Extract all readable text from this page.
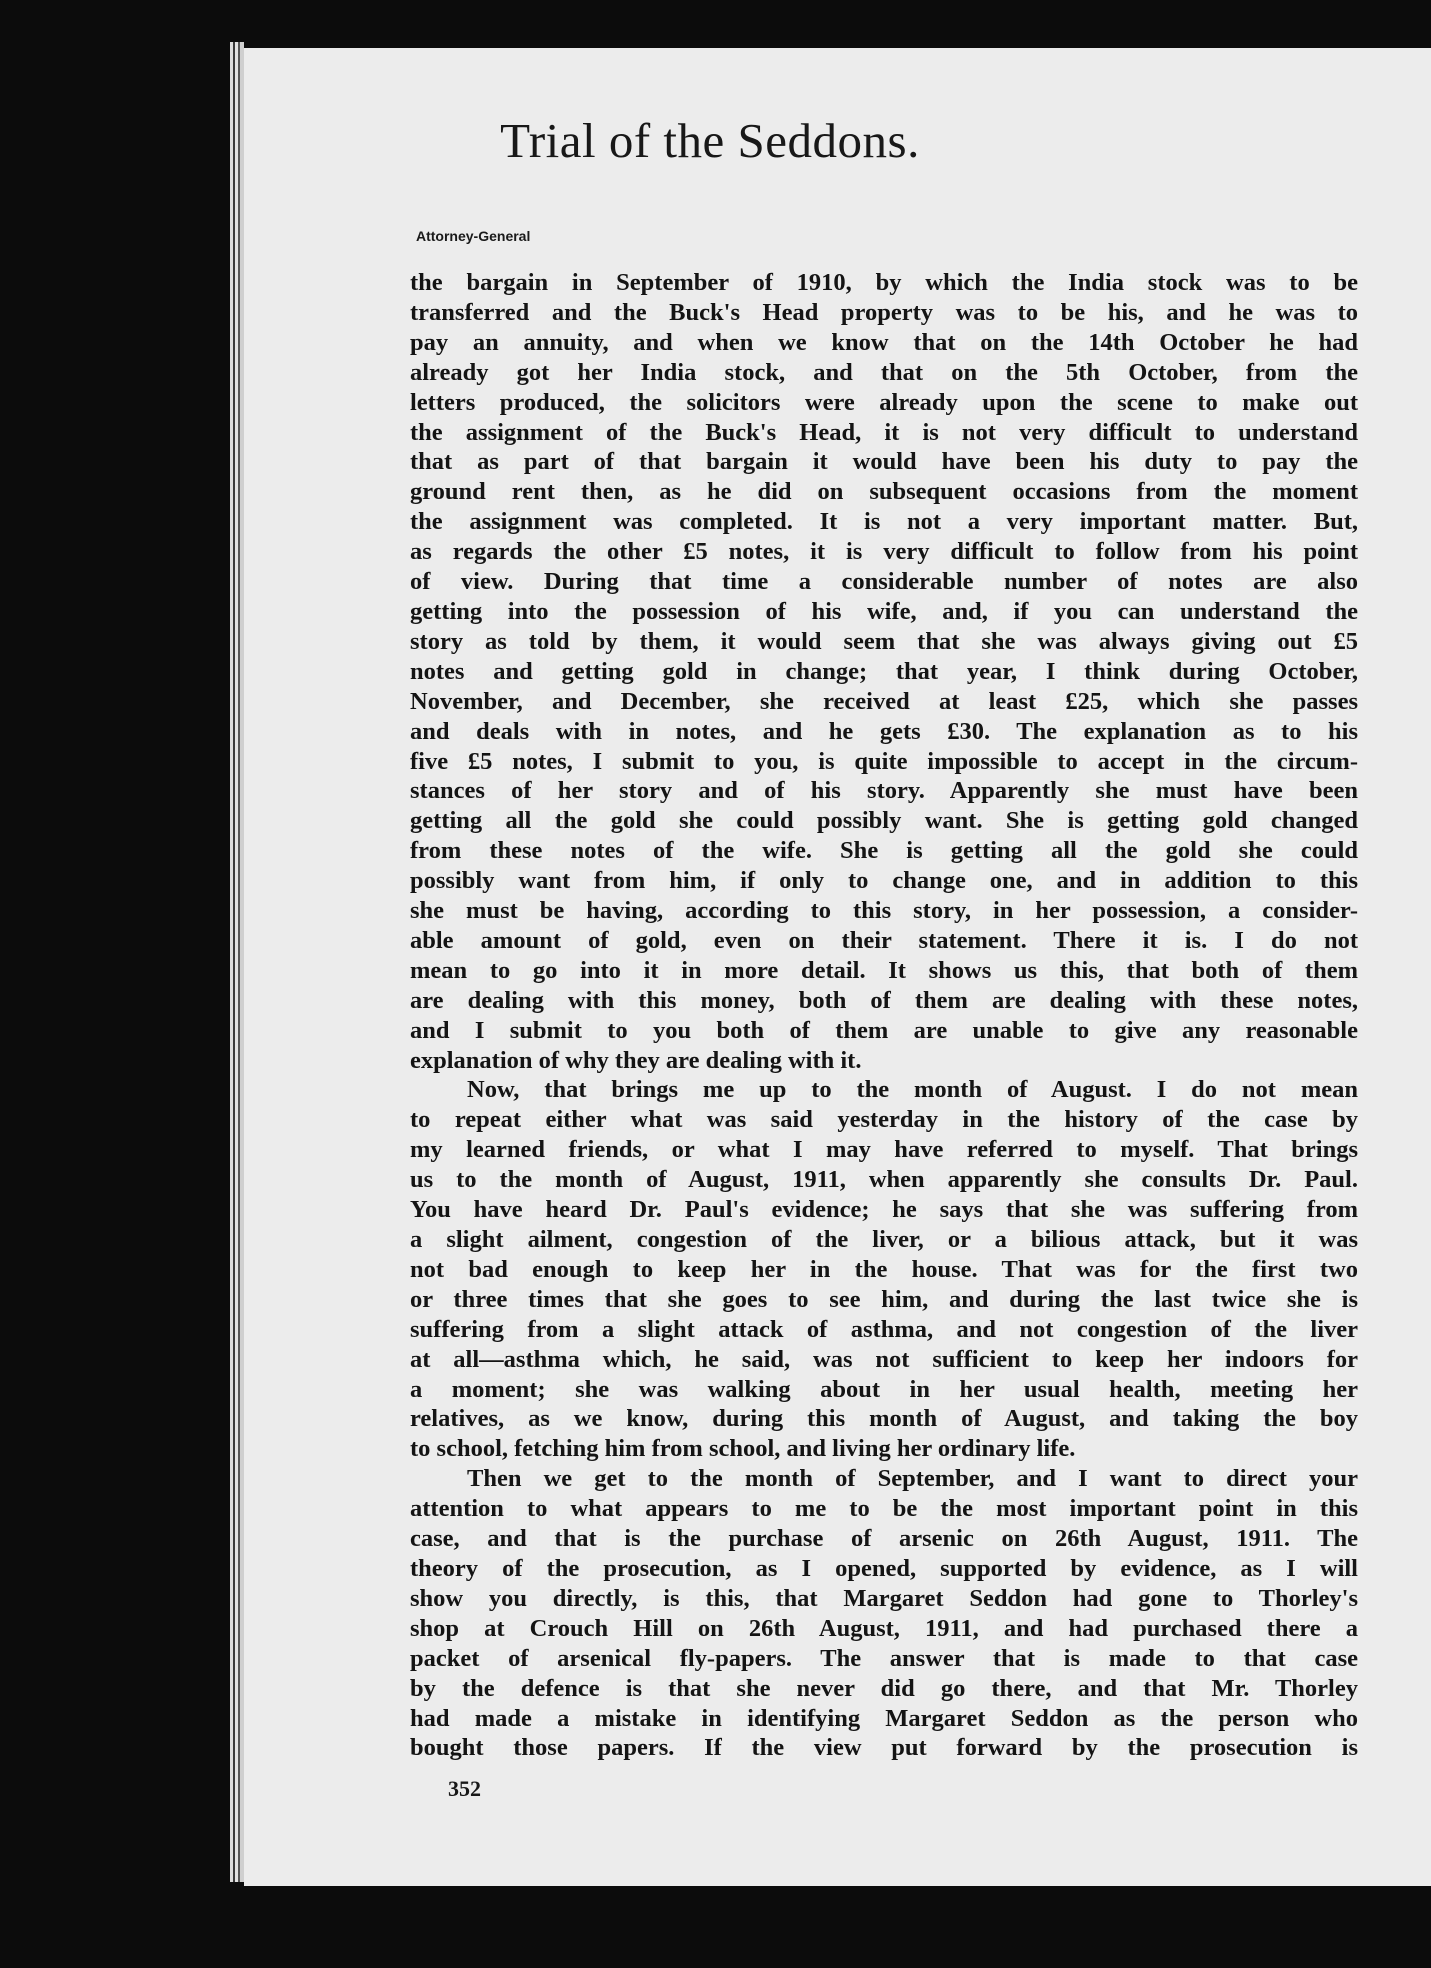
Trial of the Seddons.

Attorney-General

the bargain in September of 1910, by which the India stock was to be
transferred and the Buck's Head property was to be his, and he was to
pay an annuity, and when we know that on the 14th October he had
already got her India stock, and that on the 5th October, from the
letters produced, the solicitors were already upon the scene to make out
the assignment of the Buck's Head, it is not very difficult to understand
that as part of that bargain it would have been his duty to pay the
ground rent then, as he did on subsequent occasions from the moment
the assignment was completed. It is not a very important matter. But,
as regards the other £5 notes, it is very difficult to follow from his point
of view. During that time a considerable number of notes are also
getting into the possession of his wife, and, if you can understand the
story as told by them, it would seem that she was always giving out £5
notes and getting gold in change; that year, I think during October,
November, and December, she received at least £25, which she passes
and deals with in notes, and he gets £30. The explanation as to his
five £5 notes, I submit to you, is quite impossible to accept in the circum-
stances of her story and of his story. Apparently she must have been
getting all the gold she could possibly want. She is getting gold changed
from these notes of the wife. She is getting all the gold she could
possibly want from him, if only to change one, and in addition to this
she must be having, according to this story, in her possession, a consider-
able amount of gold, even on their statement. There it is. I do not
mean to go into it in more detail. It shows us this, that both of them
are dealing with this money, both of them are dealing with these notes,
and I submit to you both of them are unable to give any reasonable
explanation of why they are dealing with it.
Now, that brings me up to the month of August. I do not mean
to repeat either what was said yesterday in the history of the case by
my learned friends, or what I may have referred to myself. That brings
us to the month of August, 1911, when apparently she consults Dr. Paul.
You have heard Dr. Paul's evidence; he says that she was suffering from
a slight ailment, congestion of the liver, or a bilious attack, but it was
not bad enough to keep her in the house. That was for the first two
or three times that she goes to see him, and during the last twice she is
suffering from a slight attack of asthma, and not congestion of the liver
at all—asthma which, he said, was not sufficient to keep her indoors for
a moment; she was walking about in her usual health, meeting her
relatives, as we know, during this month of August, and taking the boy
to school, fetching him from school, and living her ordinary life.
Then we get to the month of September, and I want to direct your
attention to what appears to me to be the most important point in this
case, and that is the purchase of arsenic on 26th August, 1911. The
theory of the prosecution, as I opened, supported by evidence, as I will
show you directly, is this, that Margaret Seddon had gone to Thorley's
shop at Crouch Hill on 26th August, 1911, and had purchased there a
packet of arsenical fly-papers. The answer that is made to that case
by the defence is that she never did go there, and that Mr. Thorley
had made a mistake in identifying Margaret Seddon as the person who
bought those papers. If the view put forward by the prosecution is

352
